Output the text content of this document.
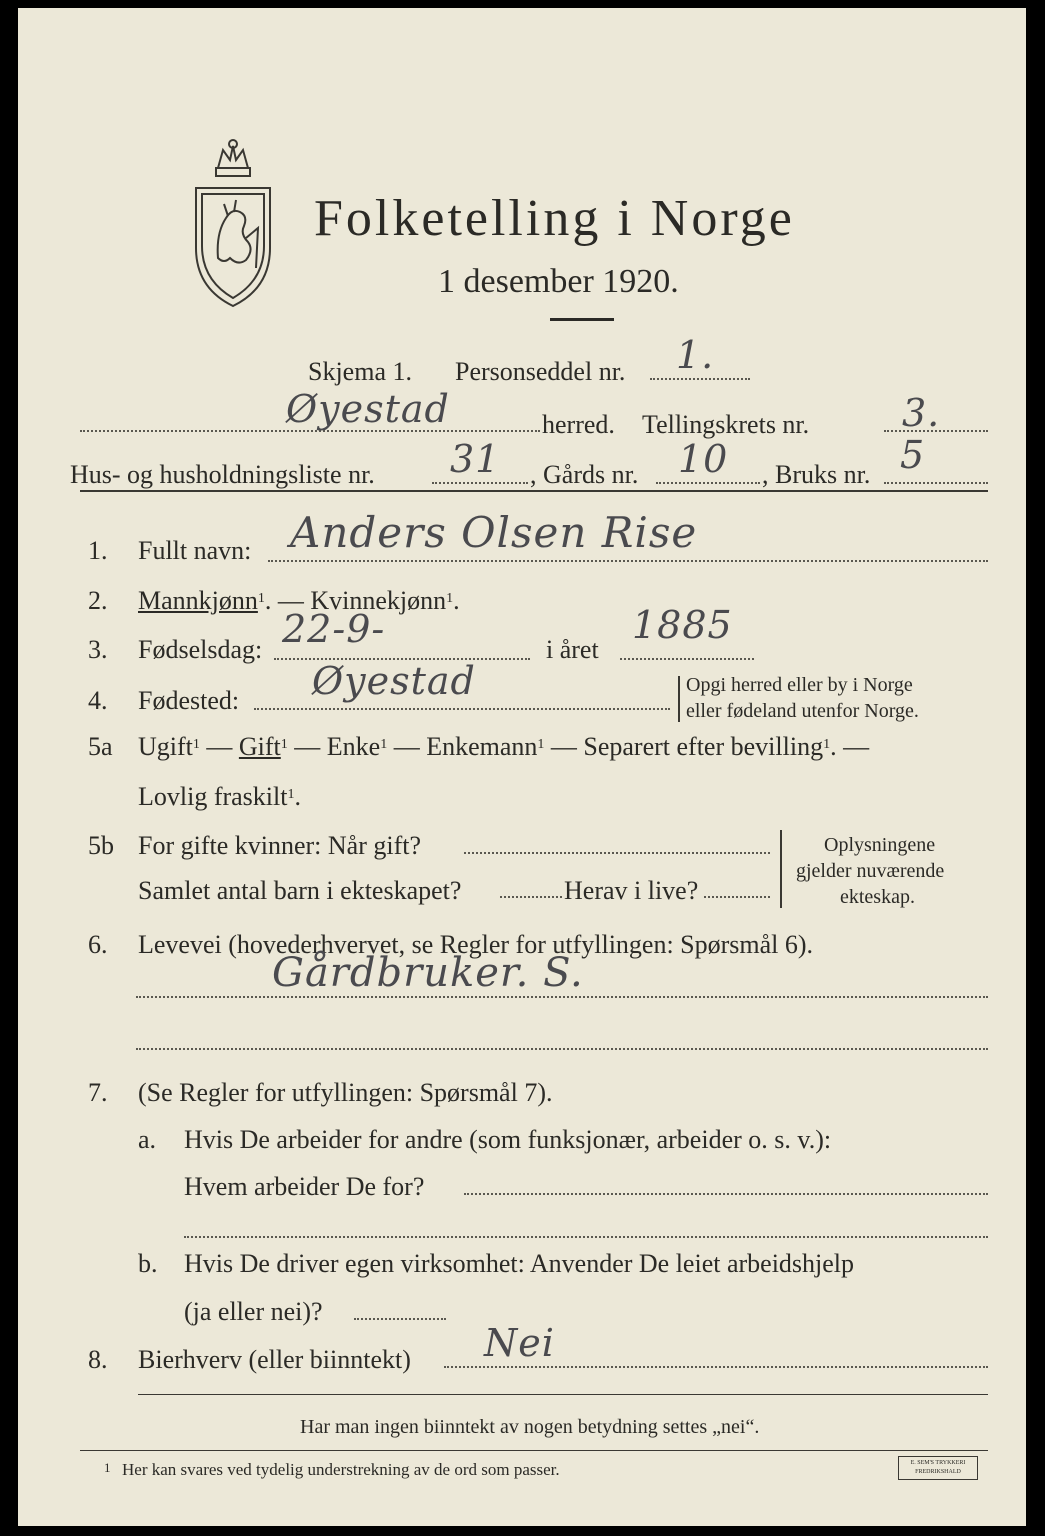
Folketelling i Norge
1 desember 1920.
Skjema 1. Personseddel nr. 1.
Øyestad	herred. Tellingskrets nr. 3.
Hus- og husholdningsliste nr. 31 , Gårds nr. 10 , Bruks nr. 5
1. Fullt navn: Anders Olsen Rise
2. Mannkjønn$^1$. — Kvinnekjønn$^1$.
3. Fødselsdag: 22-9-	i året
1885
4. Fødested: Øyestad	Opgi herred eller by i Norge
eller fødeland utenfor Norge.
5a Ugift$^1$ — Gift$^1$ — Enke$^1$ — Enkemann$^1$ — Separert efter bevilling$^1$. —
Lovlig fraskilt$^1$.
5b For gifte kvinner: Når gift?
Samlet antal barn i ekteskapet?	Herav i live?
Oplysningene
gjelder nuværende
ekteskap.
6. Levevei (hovederhvervet, se Regler for utfyllingen: Spørsmål 6).
Gårdbruker. S.
7. (Se Regler for utfyllingen: Spørsmål 7).
a. Hvis De arbeider for andre (som funksjonær, arbeider o. s. v.):
Hvem arbeider De for?
b. Hvis De driver egen virksomhet: Anvender De leiet arbeidshjelp
(ja eller nei)?
8. Bierhverv (eller biinntekt) Nei
Har man ingen biinntekt av nogen betydning settes „nei“.
1 Her kan svares ved tydelig understrekning av de ord som passer.	E. SEM'S TRYKKERI
FREDRIKSHALD
